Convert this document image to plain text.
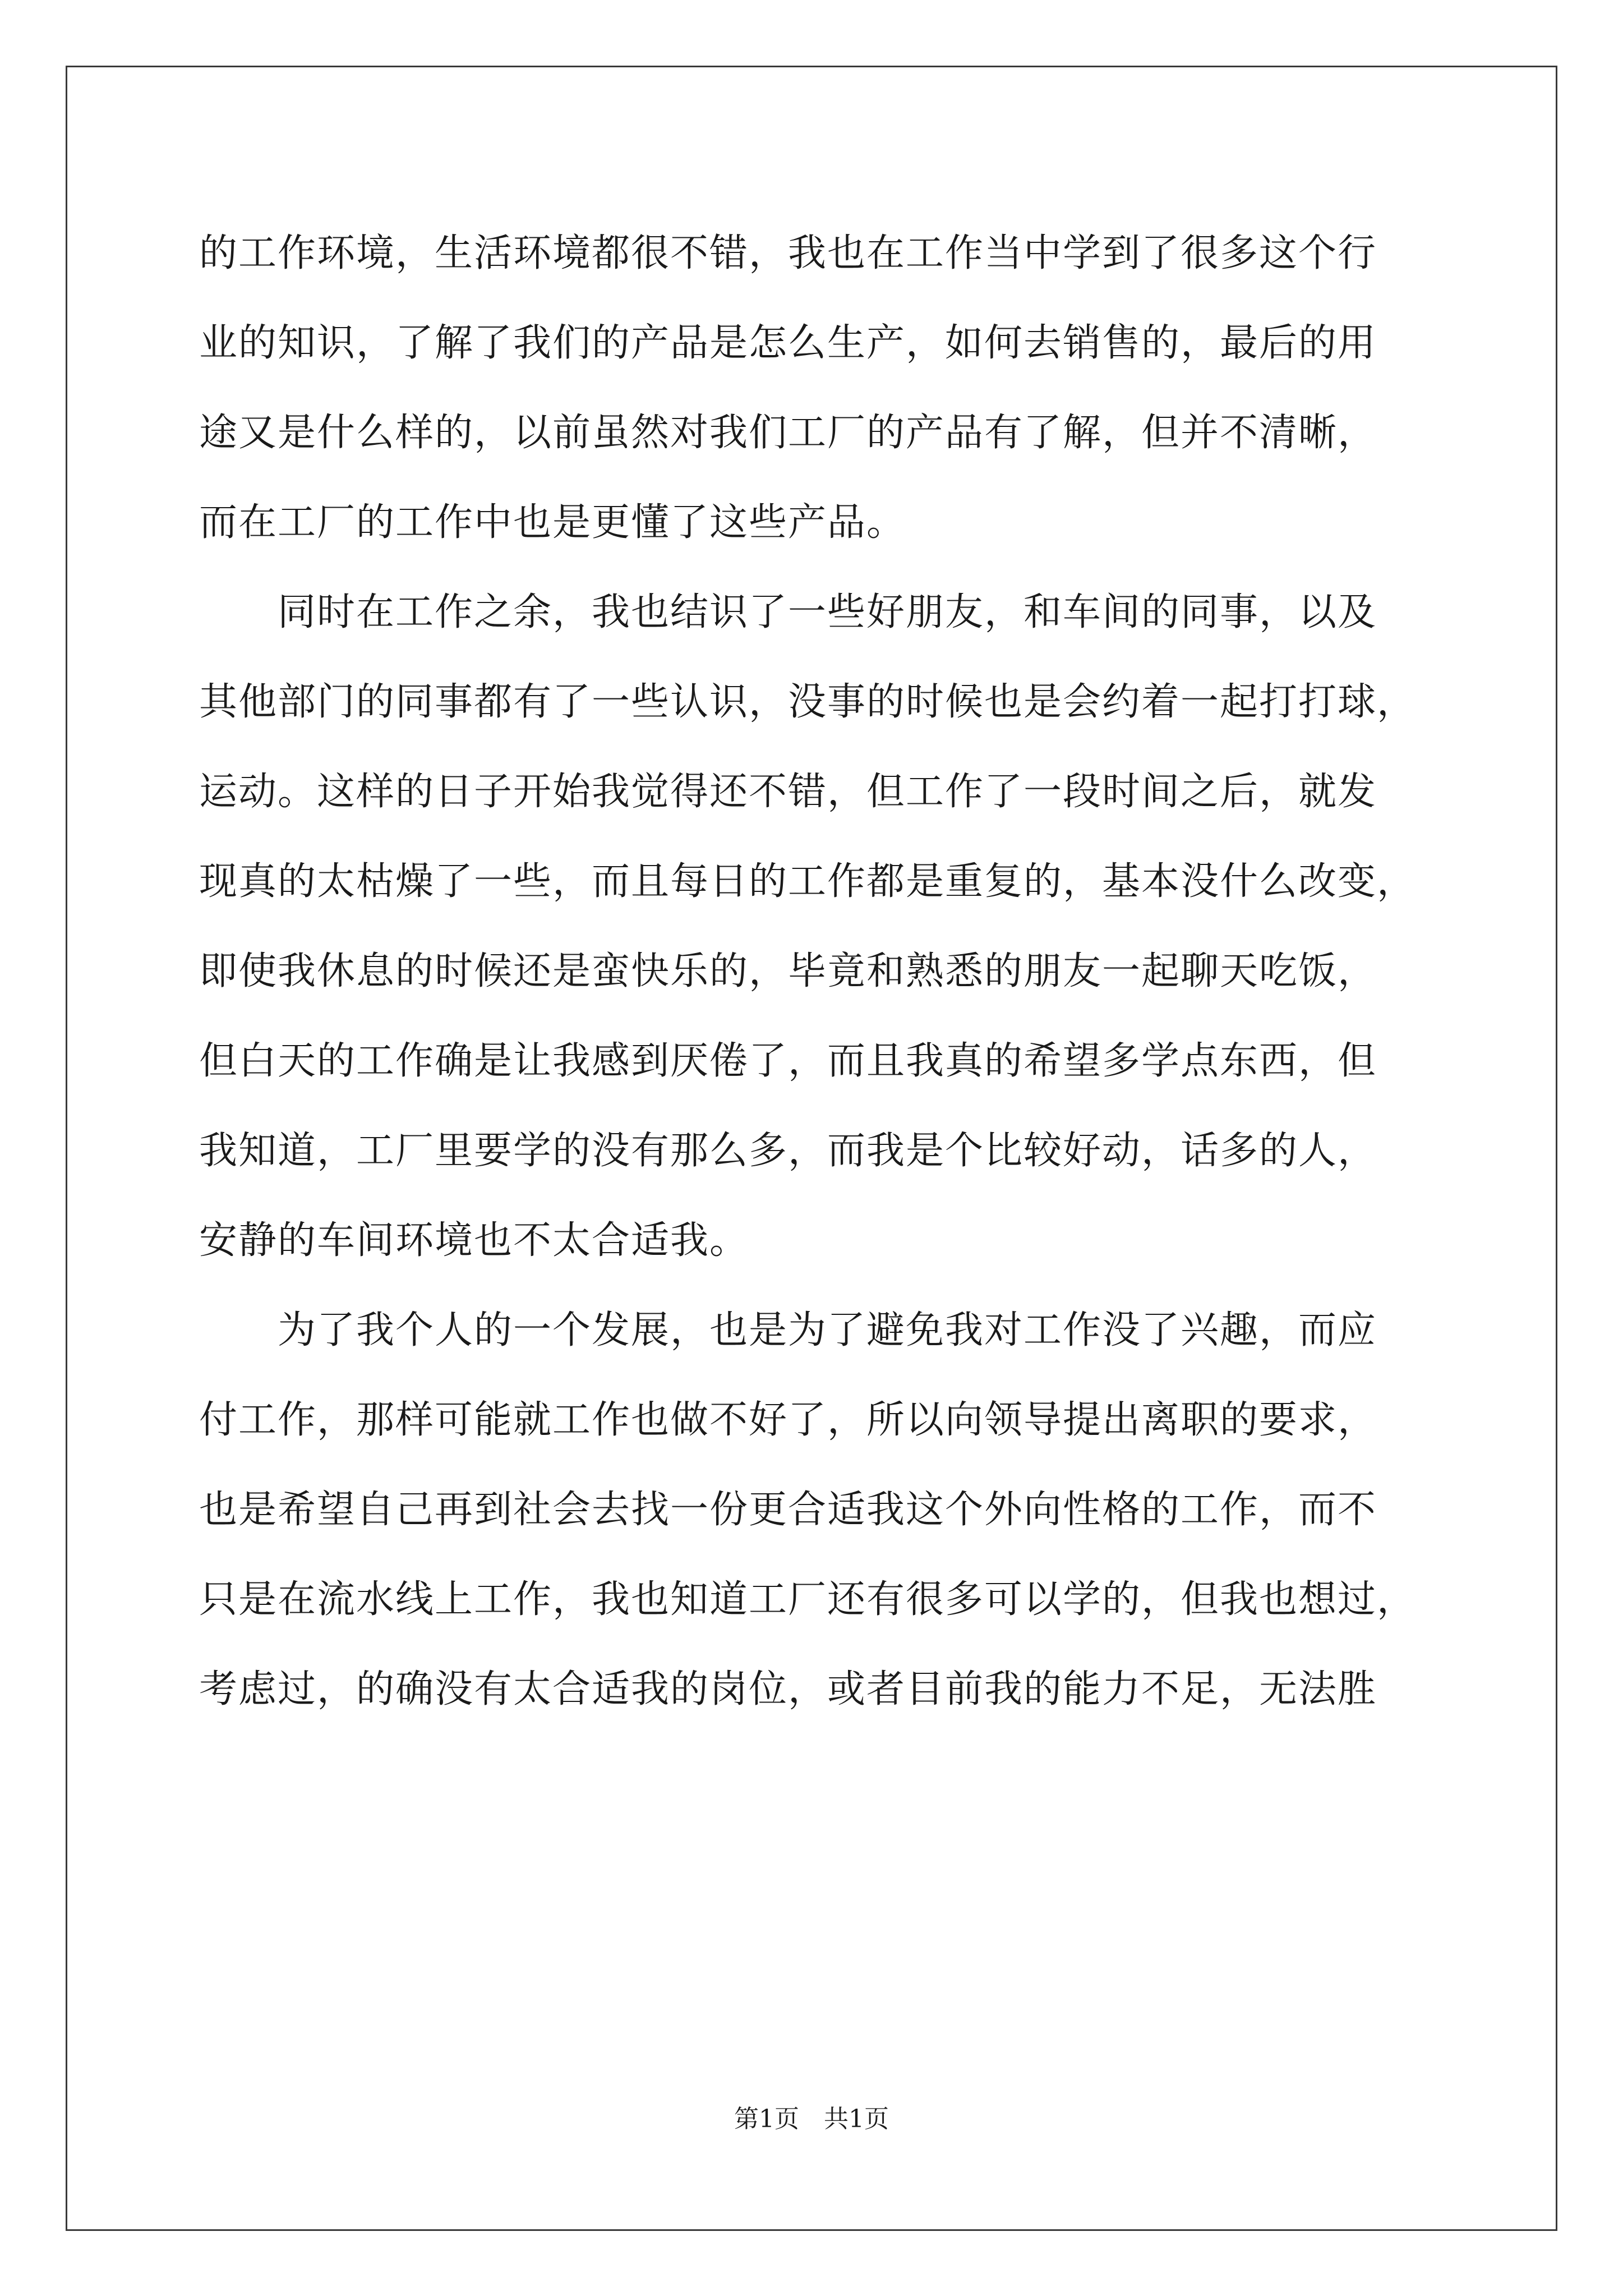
的工作环境，生活环境都很不错，我也在工作当中学到了很多这个行
业的知识，了解了我们的产品是怎么生产，如何去销售的，最后的用
途又是什么样的，以前虽然对我们工厂的产品有了解，但并不清晰，
而在工厂的工作中也是更懂了这些产品。
　　同时在工作之余，我也结识了一些好朋友，和车间的同事，以及
其他部门的同事都有了一些认识，没事的时候也是会约着一起打打球，
运动。这样的日子开始我觉得还不错，但工作了一段时间之后，就发
现真的太枯燥了一些，而且每日的工作都是重复的，基本没什么改变，
即使我休息的时候还是蛮快乐的，毕竟和熟悉的朋友一起聊天吃饭，
但白天的工作确是让我感到厌倦了，而且我真的希望多学点东西，但
我知道，工厂里要学的没有那么多，而我是个比较好动，话多的人，
安静的车间环境也不太合适我。
　　为了我个人的一个发展，也是为了避免我对工作没了兴趣，而应
付工作，那样可能就工作也做不好了，所以向领导提出离职的要求，
也是希望自己再到社会去找一份更合适我这个外向性格的工作，而不
只是在流水线上工作，我也知道工厂还有很多可以学的，但我也想过，
考虑过，的确没有太合适我的岗位，或者目前我的能力不足，无法胜
第1页　共1页
